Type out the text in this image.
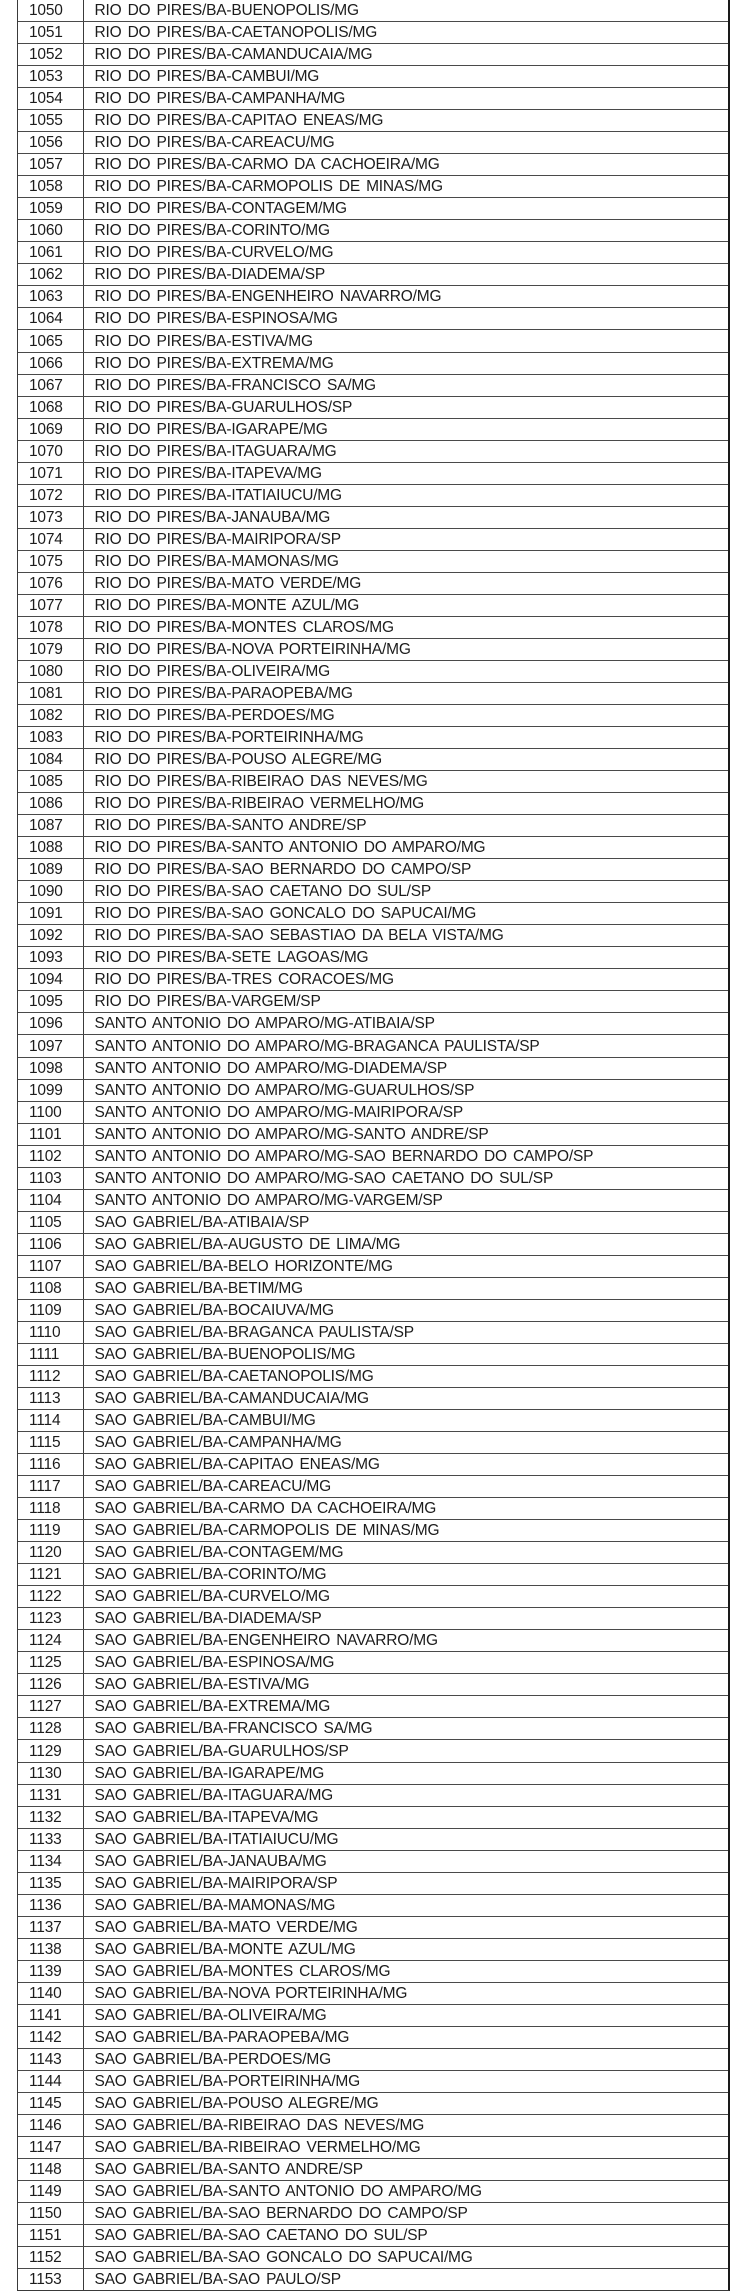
1050	RIO DO PIRES/BA-BUENOPOLIS/MG
1051	RIO DO PIRES/BA-CAETANOPOLIS/MG
1052	RIO DO PIRES/BA-CAMANDUCAIA/MG
1053	RIO DO PIRES/BA-CAMBUI/MG
1054	RIO DO PIRES/BA-CAMPANHA/MG
1055	RIO DO PIRES/BA-CAPITAO ENEAS/MG
1056	RIO DO PIRES/BA-CAREACU/MG
1057	RIO DO PIRES/BA-CARMO DA CACHOEIRA/MG
1058	RIO DO PIRES/BA-CARMOPOLIS DE MINAS/MG
1059	RIO DO PIRES/BA-CONTAGEM/MG
1060	RIO DO PIRES/BA-CORINTO/MG
1061	RIO DO PIRES/BA-CURVELO/MG
1062	RIO DO PIRES/BA-DIADEMA/SP
1063	RIO DO PIRES/BA-ENGENHEIRO NAVARRO/MG
1064	RIO DO PIRES/BA-ESPINOSA/MG
1065	RIO DO PIRES/BA-ESTIVA/MG
1066	RIO DO PIRES/BA-EXTREMA/MG
1067	RIO DO PIRES/BA-FRANCISCO SA/MG
1068	RIO DO PIRES/BA-GUARULHOS/SP
1069	RIO DO PIRES/BA-IGARAPE/MG
1070	RIO DO PIRES/BA-ITAGUARA/MG
1071	RIO DO PIRES/BA-ITAPEVA/MG
1072	RIO DO PIRES/BA-ITATIAIUCU/MG
1073	RIO DO PIRES/BA-JANAUBA/MG
1074	RIO DO PIRES/BA-MAIRIPORA/SP
1075	RIO DO PIRES/BA-MAMONAS/MG
1076	RIO DO PIRES/BA-MATO VERDE/MG
1077	RIO DO PIRES/BA-MONTE AZUL/MG
1078	RIO DO PIRES/BA-MONTES CLAROS/MG
1079	RIO DO PIRES/BA-NOVA PORTEIRINHA/MG
1080	RIO DO PIRES/BA-OLIVEIRA/MG
1081	RIO DO PIRES/BA-PARAOPEBA/MG
1082	RIO DO PIRES/BA-PERDOES/MG
1083	RIO DO PIRES/BA-PORTEIRINHA/MG
1084	RIO DO PIRES/BA-POUSO ALEGRE/MG
1085	RIO DO PIRES/BA-RIBEIRAO DAS NEVES/MG
1086	RIO DO PIRES/BA-RIBEIRAO VERMELHO/MG
1087	RIO DO PIRES/BA-SANTO ANDRE/SP
1088	RIO DO PIRES/BA-SANTO ANTONIO DO AMPARO/MG
1089	RIO DO PIRES/BA-SAO BERNARDO DO CAMPO/SP
1090	RIO DO PIRES/BA-SAO CAETANO DO SUL/SP
1091	RIO DO PIRES/BA-SAO GONCALO DO SAPUCAI/MG
1092	RIO DO PIRES/BA-SAO SEBASTIAO DA BELA VISTA/MG
1093	RIO DO PIRES/BA-SETE LAGOAS/MG
1094	RIO DO PIRES/BA-TRES CORACOES/MG
1095	RIO DO PIRES/BA-VARGEM/SP
1096	SANTO ANTONIO DO AMPARO/MG-ATIBAIA/SP
1097	SANTO ANTONIO DO AMPARO/MG-BRAGANCA PAULISTA/SP
1098	SANTO ANTONIO DO AMPARO/MG-DIADEMA/SP
1099	SANTO ANTONIO DO AMPARO/MG-GUARULHOS/SP
1100	SANTO ANTONIO DO AMPARO/MG-MAIRIPORA/SP
1101	SANTO ANTONIO DO AMPARO/MG-SANTO ANDRE/SP
1102	SANTO ANTONIO DO AMPARO/MG-SAO BERNARDO DO CAMPO/SP
1103	SANTO ANTONIO DO AMPARO/MG-SAO CAETANO DO SUL/SP
1104	SANTO ANTONIO DO AMPARO/MG-VARGEM/SP
1105	SAO GABRIEL/BA-ATIBAIA/SP
1106	SAO GABRIEL/BA-AUGUSTO DE LIMA/MG
1107	SAO GABRIEL/BA-BELO HORIZONTE/MG
1108	SAO GABRIEL/BA-BETIM/MG
1109	SAO GABRIEL/BA-BOCAIUVA/MG
1110	SAO GABRIEL/BA-BRAGANCA PAULISTA/SP
1111	SAO GABRIEL/BA-BUENOPOLIS/MG
1112	SAO GABRIEL/BA-CAETANOPOLIS/MG
1113	SAO GABRIEL/BA-CAMANDUCAIA/MG
1114	SAO GABRIEL/BA-CAMBUI/MG
1115	SAO GABRIEL/BA-CAMPANHA/MG
1116	SAO GABRIEL/BA-CAPITAO ENEAS/MG
1117	SAO GABRIEL/BA-CAREACU/MG
1118	SAO GABRIEL/BA-CARMO DA CACHOEIRA/MG
1119	SAO GABRIEL/BA-CARMOPOLIS DE MINAS/MG
1120	SAO GABRIEL/BA-CONTAGEM/MG
1121	SAO GABRIEL/BA-CORINTO/MG
1122	SAO GABRIEL/BA-CURVELO/MG
1123	SAO GABRIEL/BA-DIADEMA/SP
1124	SAO GABRIEL/BA-ENGENHEIRO NAVARRO/MG
1125	SAO GABRIEL/BA-ESPINOSA/MG
1126	SAO GABRIEL/BA-ESTIVA/MG
1127	SAO GABRIEL/BA-EXTREMA/MG
1128	SAO GABRIEL/BA-FRANCISCO SA/MG
1129	SAO GABRIEL/BA-GUARULHOS/SP
1130	SAO GABRIEL/BA-IGARAPE/MG
1131	SAO GABRIEL/BA-ITAGUARA/MG
1132	SAO GABRIEL/BA-ITAPEVA/MG
1133	SAO GABRIEL/BA-ITATIAIUCU/MG
1134	SAO GABRIEL/BA-JANAUBA/MG
1135	SAO GABRIEL/BA-MAIRIPORA/SP
1136	SAO GABRIEL/BA-MAMONAS/MG
1137	SAO GABRIEL/BA-MATO VERDE/MG
1138	SAO GABRIEL/BA-MONTE AZUL/MG
1139	SAO GABRIEL/BA-MONTES CLAROS/MG
1140	SAO GABRIEL/BA-NOVA PORTEIRINHA/MG
1141	SAO GABRIEL/BA-OLIVEIRA/MG
1142	SAO GABRIEL/BA-PARAOPEBA/MG
1143	SAO GABRIEL/BA-PERDOES/MG
1144	SAO GABRIEL/BA-PORTEIRINHA/MG
1145	SAO GABRIEL/BA-POUSO ALEGRE/MG
1146	SAO GABRIEL/BA-RIBEIRAO DAS NEVES/MG
1147	SAO GABRIEL/BA-RIBEIRAO VERMELHO/MG
1148	SAO GABRIEL/BA-SANTO ANDRE/SP
1149	SAO GABRIEL/BA-SANTO ANTONIO DO AMPARO/MG
1150	SAO GABRIEL/BA-SAO BERNARDO DO CAMPO/SP
1151	SAO GABRIEL/BA-SAO CAETANO DO SUL/SP
1152	SAO GABRIEL/BA-SAO GONCALO DO SAPUCAI/MG
1153	SAO GABRIEL/BA-SAO PAULO/SP
